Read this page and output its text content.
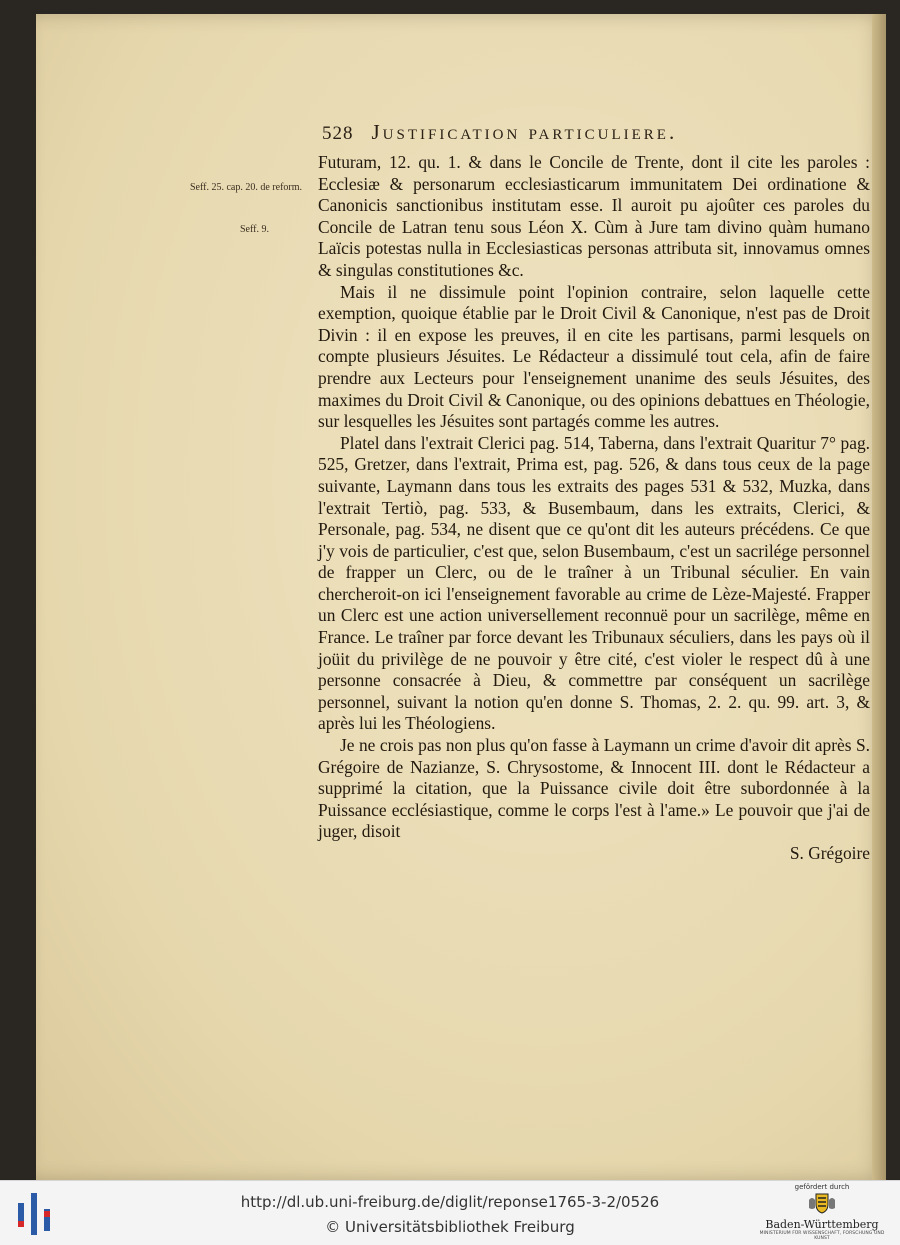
528 Justification particuliere.
Seff. 25. cap. 20. de reform.
Seff. 9.

Futuram, 12. qu. 1. & dans le Concile de Trente, dont il cite les paroles : Ecclesiæ & personarum ecclesiasticarum immunitatem Dei ordinatione & Canonicis sanctionibus institutam esse. Il auroit pu ajoûter ces paroles du Concile de Latran tenu sous Léon X. Cùm à Jure tam divino quàm humano Laïcis potestas nulla in Ecclesiasticas personas attributa sit, innovamus omnes & singulas constitutiones &c.

Mais il ne dissimule point l'opinion contraire, selon laquelle cette exemption, quoique établie par le Droit Civil & Canonique, n'est pas de Droit Divin : il en expose les preuves, il en cite les partisans, parmi lesquels on compte plusieurs Jésuites. Le Rédacteur a dissimulé tout cela, afin de faire prendre aux Lecteurs pour l'enseignement unanime des seuls Jésuites, des maximes du Droit Civil & Canonique, ou des opinions debattues en Théologie, sur lesquelles les Jésuites sont partagés comme les autres.

Platel dans l'extrait Clerici pag. 514, Taberna, dans l'extrait Quaritur 7° pag. 525, Gretzer, dans l'extrait, Prima est, pag. 526, & dans tous ceux de la page suivante, Laymann dans tous les extraits des pages 531 & 532, Muzka, dans l'extrait Tertiò, pag. 533, & Busembaum, dans les extraits, Clerici, & Personale, pag. 534, ne disent que ce qu'ont dit les auteurs précédens. Ce que j'y vois de particulier, c'est que, selon Busembaum, c'est un sacrilége personnel de frapper un Clerc, ou de le traîner à un Tribunal séculier. En vain chercheroit-on ici l'enseignement favorable au crime de Lèze-Majesté. Frapper un Clerc est une action universellement reconnuë pour un sacrilège, même en France. Le traîner par force devant les Tribunaux séculiers, dans les pays où il joüit du privilège de ne pouvoir y être cité, c'est violer le respect dû à une personne consacrée à Dieu, & commettre par conséquent un sacrilège personnel, suivant la notion qu'en donne S. Thomas, 2. 2. qu. 99. art. 3, & après lui les Théologiens.

Je ne crois pas non plus qu'on fasse à Laymann un crime d'avoir dit après S. Grégoire de Nazianze, S. Chrysostome, & Innocent III. dont le Rédacteur a supprimé la citation, que la Puissance civile doit être subordonnée à la Puissance ecclésiastique, comme le corps l'est à l'ame.» Le pouvoir que j'ai de juger, disoit

S. Grégoire

http://dl.ub.uni-freiburg.de/diglit/reponse1765-3-2/0526
© Universitätsbibliothek Freiburg
gefördert durch
Baden-Württemberg
MINISTERIUM FÜR WISSENSCHAFT, FORSCHUNG UND KUNST
